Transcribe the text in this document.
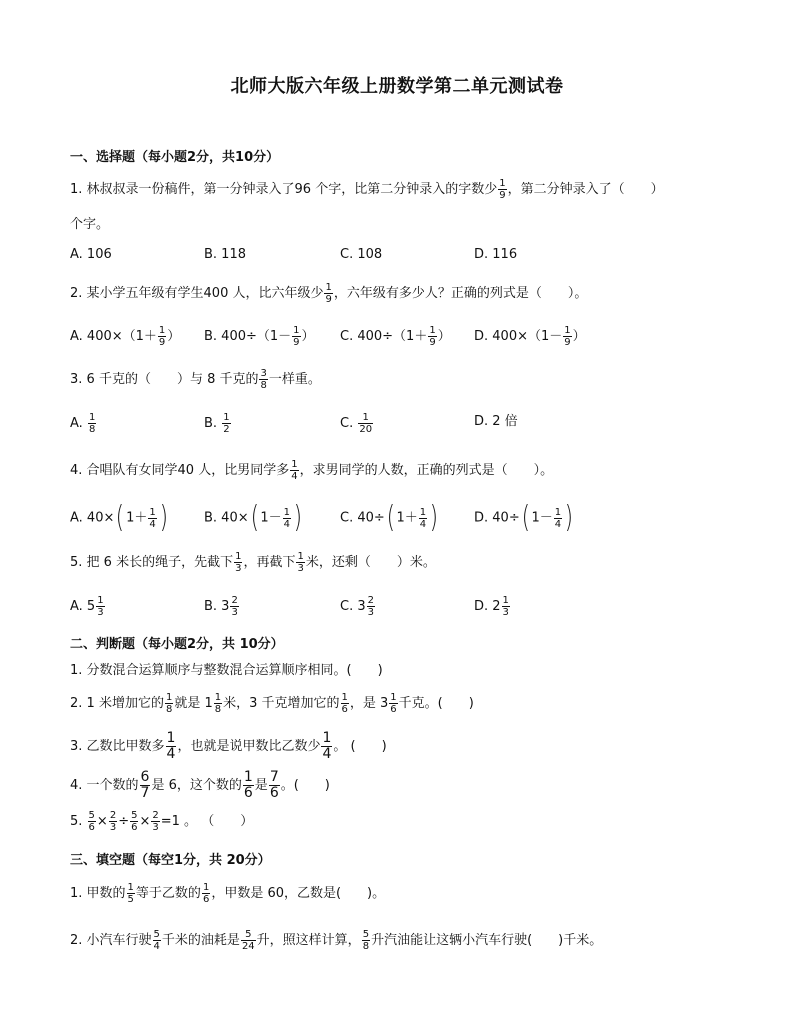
北师大版六年级上册数学第二单元测试卷
一、选择题（每小题2分，共10分）
1. 林叔叔录一份稿件，第一分钟录入了96 个字，比第二分钟录入的字数少 $\frac{1}{9}$ ，第二分钟录入了（　　）
个字。
A. 106	B. 118	C. 108	D. 116
2. 某小学五年级有学生400 人，比六年级少 $\frac{1}{9}$ ，六年级有多少人？正确的列式是（　　）。
A. $400\times(1+ \frac{1}{9}$ ） B. $400\div(1- \frac{1}{9}$ ） C. $400\div(1+ \frac{1}{9}$ ） D. $400\times(1- \frac{1}{9}$ ）
3. 6 千克的（　　）与 8 千克的 $\frac{3}{8}$ 一样重。
A. $\frac{1}{8}$	B. $\frac{1}{2}$	C. $\frac{1}{20}$	D. 2 倍
4. 合唱队有女同学40 人，比男同学多 $\frac{1}{4}$ ，求男同学的人数，正确的列式是（　　）。
A. 40×( $1+ \frac{1}{4}$ )	B. 40×( $1- \frac{1}{4}$ )	C. 40÷( $1+ \frac{1}{4}$ )	D. 40÷( $1- \frac{1}{4}$ )
5. 把 6 米长的绳子，先截下 $\frac{1}{3}$ ，再截下 $\frac{1}{3}$ 米，还剩（　　）米。
A. $5 \frac{1}{3}$	B. $3 \frac{2}{3}$	C. $3 \frac{2}{3}$	D. $2 \frac{1}{3}$
二、判断题（每小题2分，共 10分）
1. 分数混合运算顺序与整数混合运算顺序相同。(　　)
2. 1 米增加它的 $\frac{1}{8}$ 就是 $1 \frac{1}{8}$ 米，3 千克增加它的 $\frac{1}{6}$ ，是 $3 \frac{1}{6}$ 千克。(　　)
3. 乙数比甲数多 $\frac{1}{4}$ ，也就是说甲数比乙数少 $\frac{1}{4}$ 。 (　　)
4. 一个数的 $\frac{6}{7}$ 是 6，这个数的 $\frac{1}{6}$ 是 $\frac{7}{6}$ 。(　　)
5. $\frac{5}{6} \times \frac{2}{3} \div \frac{5}{6} \times \frac{2}{3} =1$ 。 （　　）
三、填空题（每空1分，共 20分）
1. 甲数的 $\frac{1}{5}$ 等于乙数的 $\frac{1}{6}$ ，甲数是 60，乙数是(　　)。
2. 小汽车行驶 $\frac{5}{4}$ 千米的油耗是 $\frac{5}{24}$ 升，照这样计算， $\frac{5}{8}$ 升汽油能让这辆小汽车行驶(　　)千米。
